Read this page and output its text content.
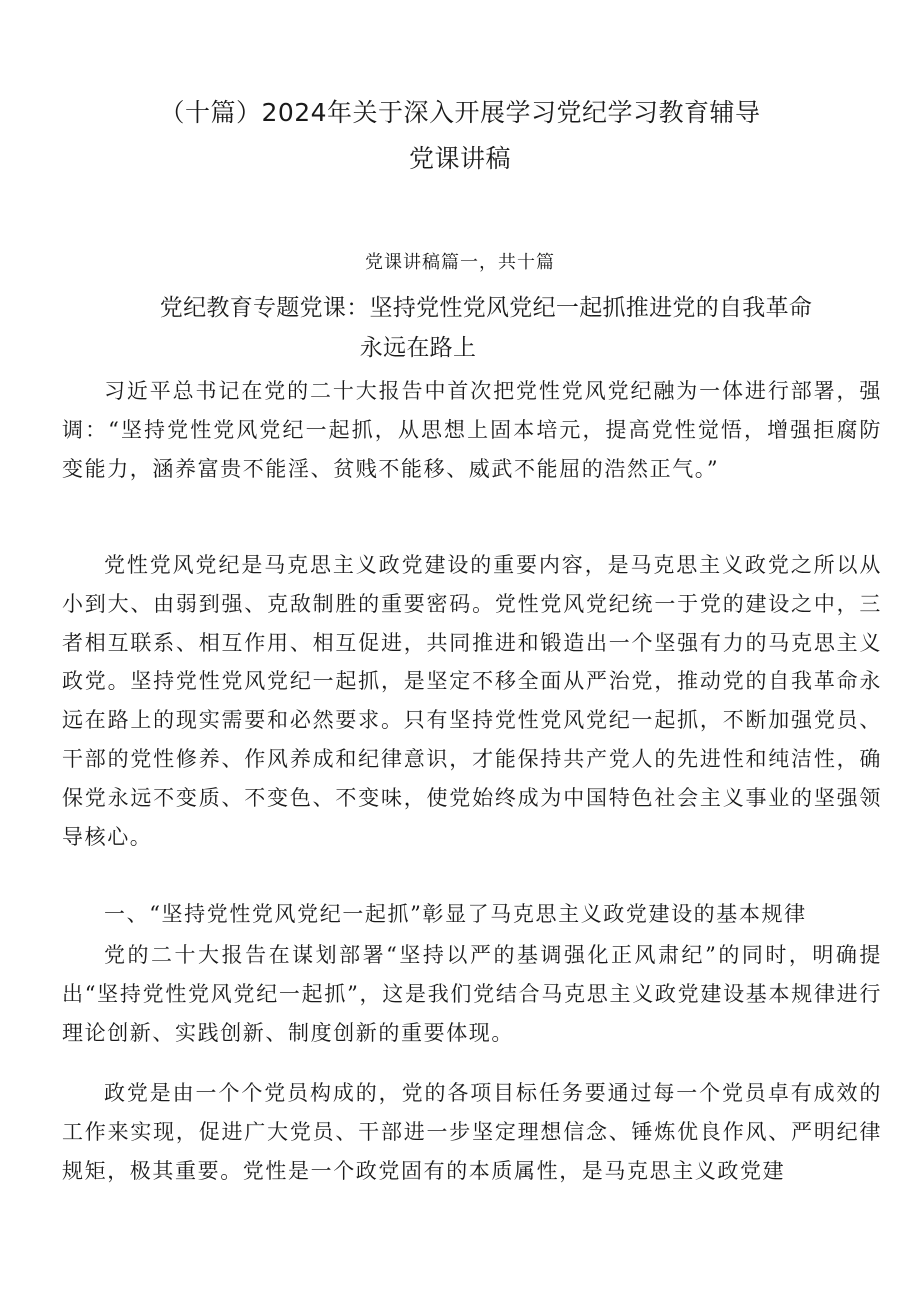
（十篇）2024年关于深入开展学习党纪学习教育辅导
党课讲稿
党课讲稿篇一，共十篇
党纪教育专题党课：坚持党性党风党纪一起抓推进党的自我革命
永远在路上

习近平总书记在党的二十大报告中首次把党性党风党纪融为一体进行部署，强调：“坚持党性党风党纪一起抓，从思想上固本培元，提高党性觉悟，增强拒腐防变能力，涵养富贵不能淫、贫贱不能移、威武不能屈的浩然正气。”

党性党风党纪是马克思主义政党建设的重要内容，是马克思主义政党之所以从小到大、由弱到强、克敌制胜的重要密码。党性党风党纪统一于党的建设之中，三者相互联系、相互作用、相互促进，共同推进和锻造出一个坚强有力的马克思主义政党。坚持党性党风党纪一起抓，是坚定不移全面从严治党，推动党的自我革命永远在路上的现实需要和必然要求。只有坚持党性党风党纪一起抓，不断加强党员、干部的党性修养、作风养成和纪律意识，才能保持共产党人的先进性和纯洁性，确保党永远不变质、不变色、不变味，使党始终成为中国特色社会主义事业的坚强领导核心。

一、“坚持党性党风党纪一起抓”彰显了马克思主义政党建设的基本规律

党的二十大报告在谋划部署“坚持以严的基调强化正风肃纪”的同时，明确提出“坚持党性党风党纪一起抓”，这是我们党结合马克思主义政党建设基本规律进行理论创新、实践创新、制度创新的重要体现。

政党是由一个个党员构成的，党的各项目标任务要通过每一个党员卓有成效的工作来实现，促进广大党员、干部进一步坚定理想信念、锤炼优良作风、严明纪律规矩，极其重要。党性是一个政党固有的本质属性，是马克思主义政党建
